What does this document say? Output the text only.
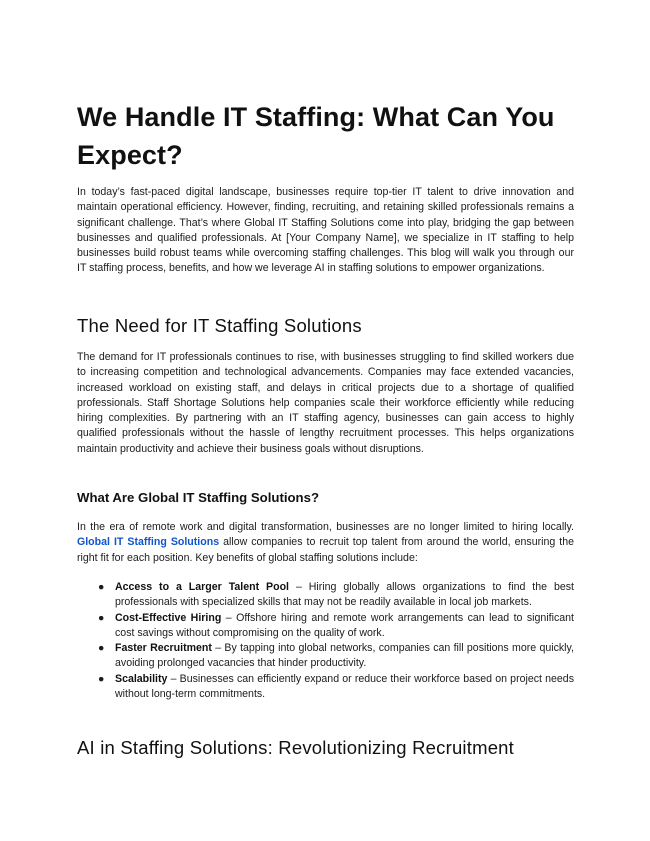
We Handle IT Staffing: What Can You Expect?

In today’s fast-paced digital landscape, businesses require top-tier IT talent to drive innovation and maintain operational efficiency. However, finding, recruiting, and retaining skilled professionals remains a significant challenge. That’s where Global IT Staffing Solutions come into play, bridging the gap between businesses and qualified professionals. At [Your Company Name], we specialize in IT staffing to help businesses build robust teams while overcoming staffing challenges. This blog will walk you through our IT staffing process, benefits, and how we leverage AI in staffing solutions to empower organizations.

The Need for IT Staffing Solutions

The demand for IT professionals continues to rise, with businesses struggling to find skilled workers due to increasing competition and technological advancements. Companies may face extended vacancies, increased workload on existing staff, and delays in critical projects due to a shortage of qualified professionals. Staff Shortage Solutions help companies scale their workforce efficiently while reducing hiring complexities. By partnering with an IT staffing agency, businesses can gain access to highly qualified professionals without the hassle of lengthy recruitment processes. This helps organizations maintain productivity and achieve their business goals without disruptions.

What Are Global IT Staffing Solutions?

In the era of remote work and digital transformation, businesses are no longer limited to hiring locally. Global IT Staffing Solutions allow companies to recruit top talent from around the world, ensuring the right fit for each position. Key benefits of global staffing solutions include:

● Access to a Larger Talent Pool – Hiring globally allows organizations to find the best professionals with specialized skills that may not be readily available in local job markets.
● Cost-Effective Hiring – Offshore hiring and remote work arrangements can lead to significant cost savings without compromising on the quality of work.
● Faster Recruitment – By tapping into global networks, companies can fill positions more quickly, avoiding prolonged vacancies that hinder productivity.
● Scalability – Businesses can efficiently expand or reduce their workforce based on project needs without long-term commitments.
AI in Staffing Solutions: Revolutionizing Recruitment
